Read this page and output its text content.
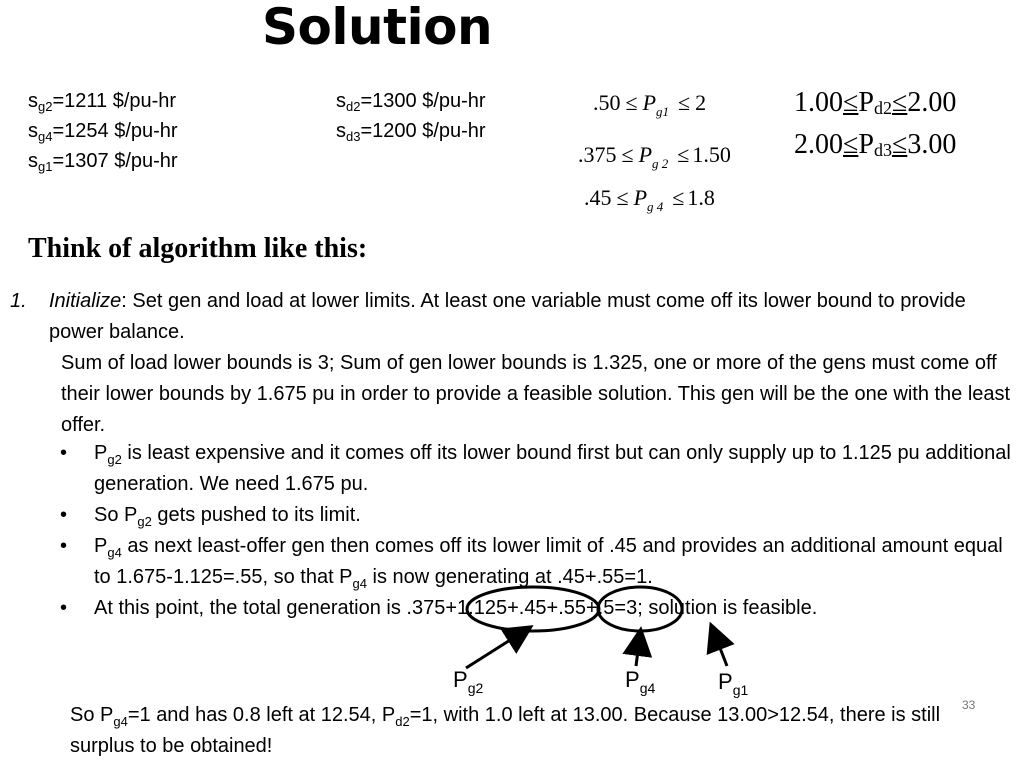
Solution
$s_{g2}=1211$ $/pu-hr
$s_{g4}=1254$ $/pu-hr
$s_{g1}=1307$ $/pu-hr
$s_{d2}=1300$ $/pu-hr
$s_{d3}=1200$ $/pu-hr
$.50 \le P_{g1} \le 2$
$.375 \le P_{g 2} \le 1.50$
$.45 \le P_{g 4} \le 1.8$
$1.00\le P_{d2}\le 2.00$
$2.00\le P_{d3}\le 3.00$
Think of algorithm like this:
1. Initialize: Set gen and load at lower limits. At least one variable must come off its lower bound to provide power balance.
Sum of load lower bounds is 3; Sum of gen lower bounds is 1.325, one or more of the gens must come off their lower bounds by 1.675 pu in order to provide a feasible solution. This gen will be the one with the least offer.
• $P_{g2}$ is least expensive and it comes off its lower bound first but can only supply up to 1.125 pu additional generation. We need 1.675 pu.
• So $P_{g2}$ gets pushed to its limit.
• $P_{g4}$ as next least-offer gen then comes off its lower limit of .45 and provides an additional amount equal to 1.675-1.125=.55, so that $P_{g4}$ is now generating at .45+.55=1.
• At this point, the total generation is .375+1.125+.45+.55+.5=3; solution is feasible.
$P_{g2}$	$P_{g4}$	$P_{g1}$
33
So $P_{g4}=1$ and has 0.8 left at 12.54, $P_{d2}=1$, with 1.0 left at 13.00. Because 13.00>12.54, there is still surplus to be obtained!
